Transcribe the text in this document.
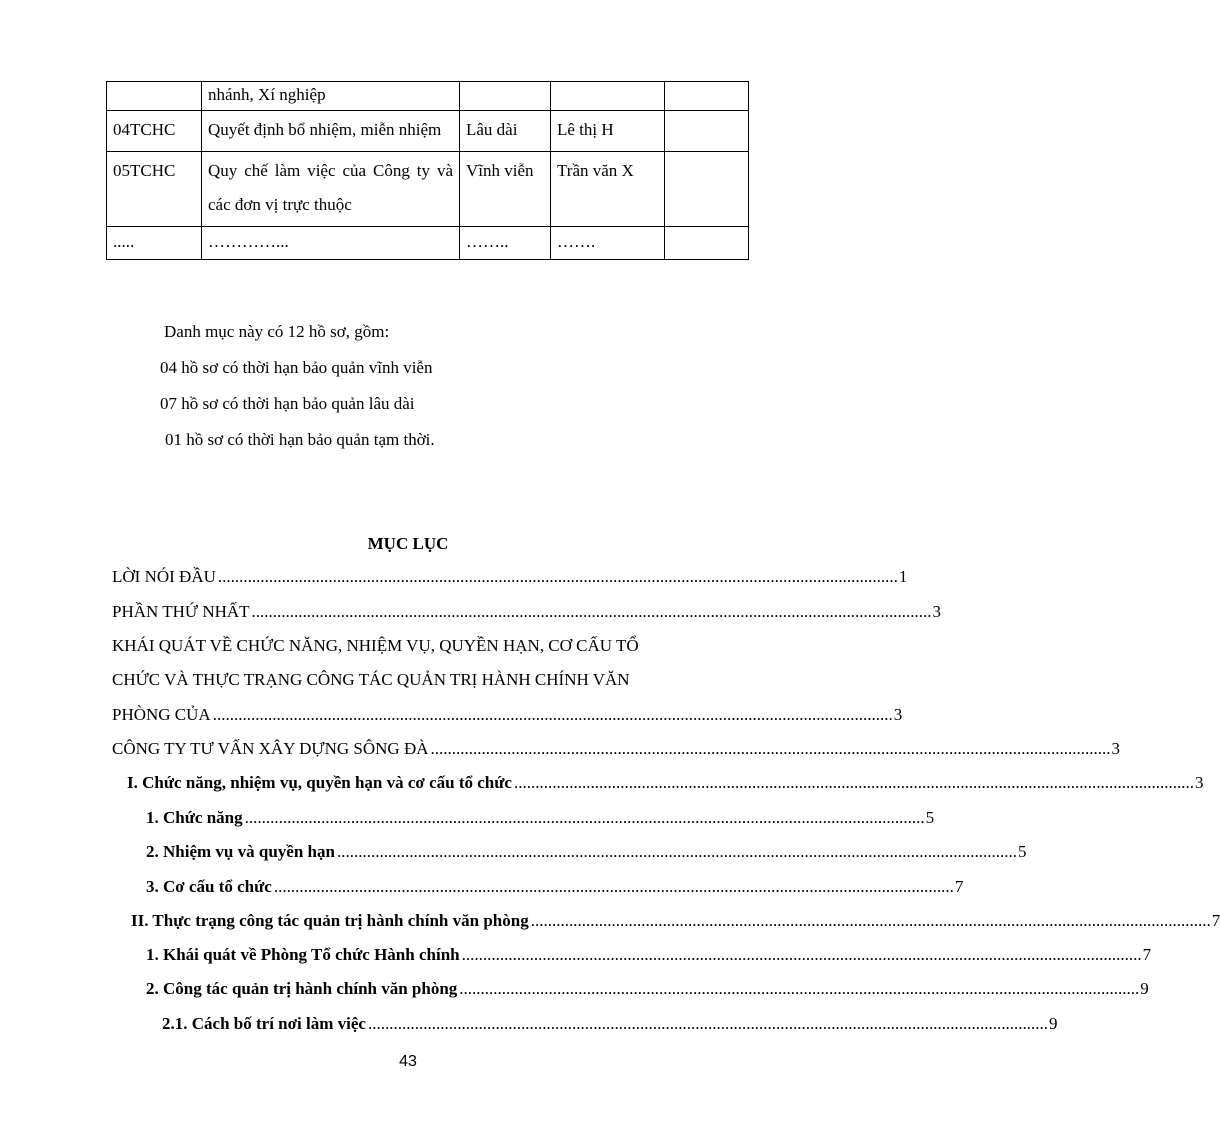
	nhánh, Xí nghiệp			
04TCHC	Quyết định bổ nhiệm, miễn nhiệm	Lâu dài	Lê thị H	
05TCHC	Quy chế làm việc của Công ty và các đơn vị trực thuộc	Vĩnh viễn	Trần văn X	
.....	…………...	……..	…….	
Danh mục này có 12 hồ sơ, gồm:
04 hồ sơ có thời hạn bảo quản vĩnh viễn
07 hồ sơ có thời hạn bảo quản lâu dài
01 hồ sơ có thời hạn bảo quản tạm thời.
MỤC LỤC
LỜI NÓI ĐẦU ................................................................................................................................................................ 1
PHẦN THỨ NHẤT ................................................................................................................................................................ 3
KHÁI QUÁT VỀ CHỨC NĂNG, NHIỆM VỤ, QUYỀN HẠN, CƠ CẤU TỔ
CHỨC VÀ THỰC TRẠNG CÔNG TÁC QUẢN TRỊ HÀNH CHÍNH VĂN
PHÒNG CỦA ................................................................................................................................................................ 3
CÔNG TY TƯ VẤN XÂY DỰNG SÔNG ĐÀ ................................................................................................................................................................ 3
I. Chức năng, nhiệm vụ, quyền hạn và cơ cấu tổ chức ................................................................................................................................................................ 3
1. Chức năng ................................................................................................................................................................ 5
2. Nhiệm vụ và quyền hạn ................................................................................................................................................................ 5
3. Cơ cấu tổ chức ................................................................................................................................................................ 7
II. Thực trạng công tác quản trị hành chính văn phòng ................................................................................................................................................................ 7
1. Khái quát về Phòng Tổ chức Hành chính ................................................................................................................................................................ 7
2. Công tác quản trị hành chính văn phòng ................................................................................................................................................................ 9
2.1. Cách bố trí nơi làm việc ................................................................................................................................................................ 9
43
